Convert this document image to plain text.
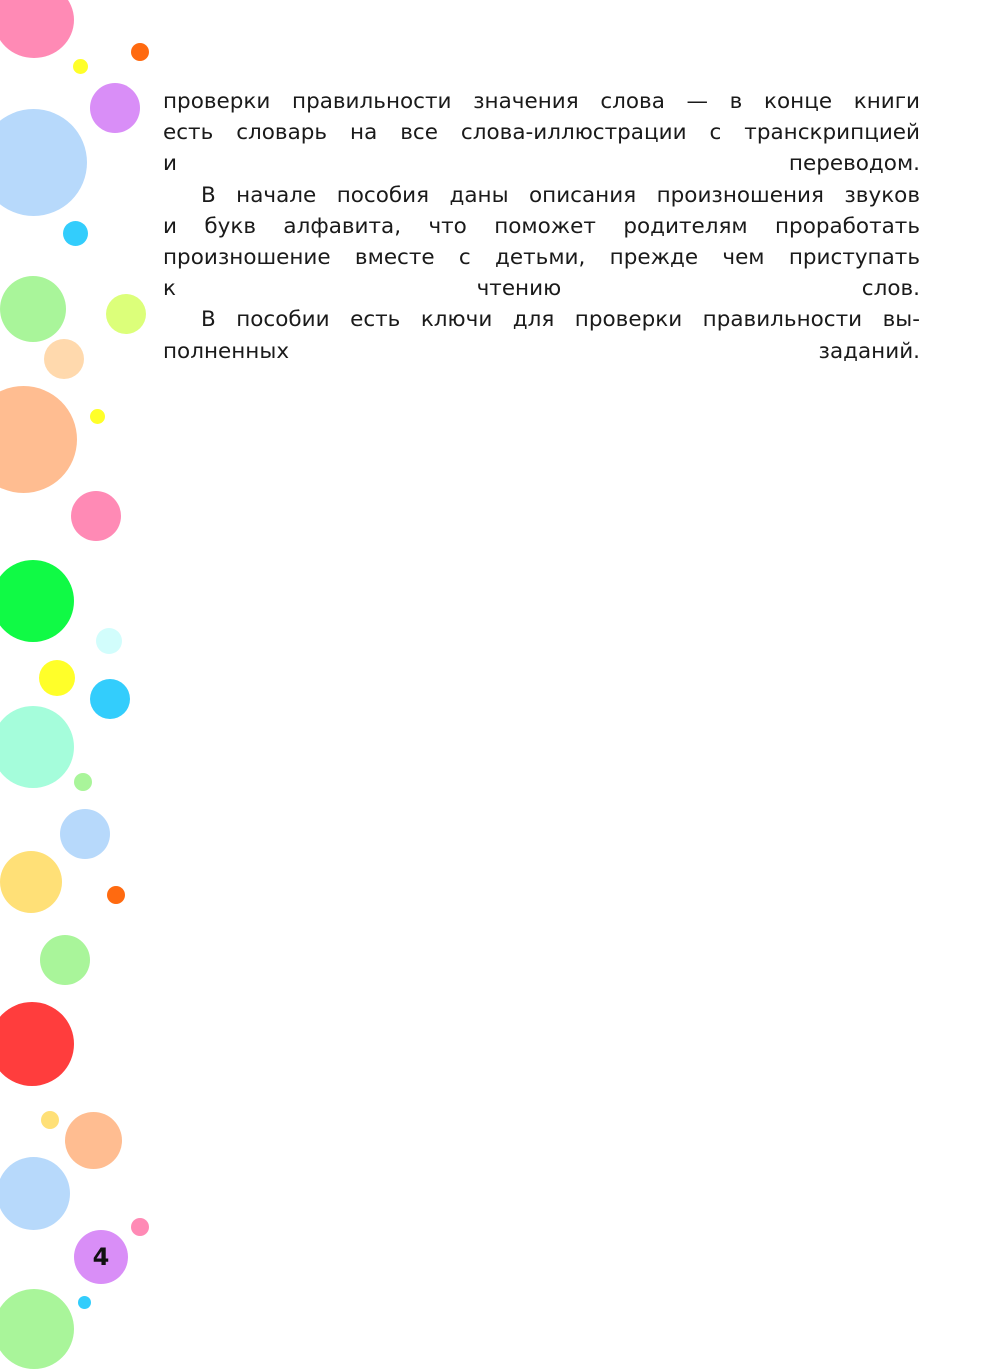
проверки правильности значения слова — в конце книги
есть словарь на все слова-иллюстрации с транскрипцией
и переводом.

В начале пособия даны описания произношения звуков
и букв алфавита, что поможет родителям проработать
произношение вместе с детьми, прежде чем приступать
к чтению слов.

В пособии есть ключи для проверки правильности вы-
полненных заданий.

4
